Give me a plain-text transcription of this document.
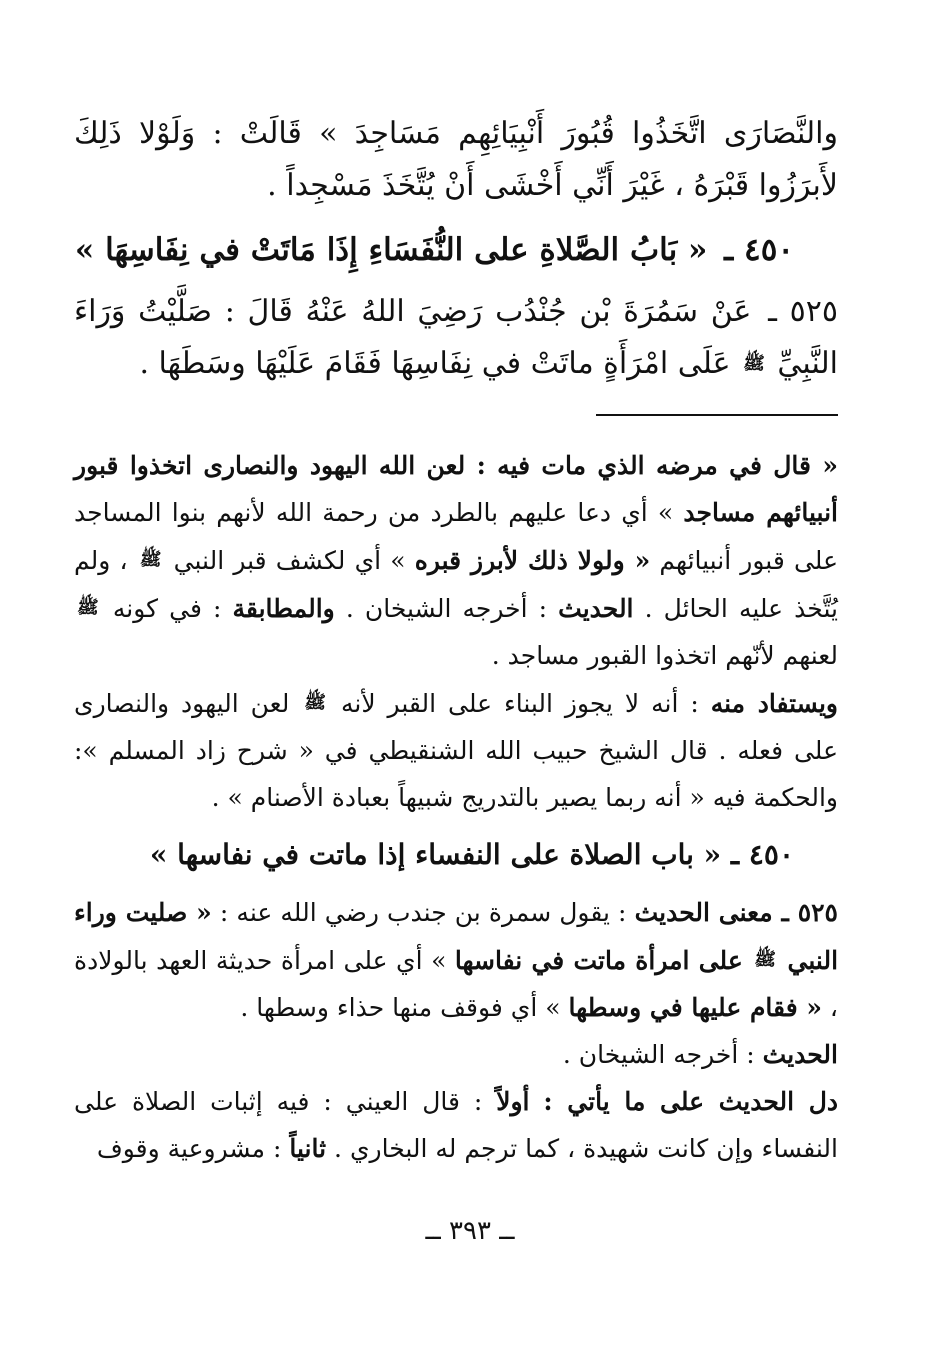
والنَّصَارَى اتَّخَذُوا قُبُورَ أَنْبِيَائِهِم مَسَاجِدَ » قَالَتْ : وَلَوْلا ذَلِكَ لأَبرَزُوا قَبْرَهُ ، غَيْرَ أَنِّي أَخْشَى أَنْ يُتَّخَذَ مَسْجِداً .

٤٥٠ ـ « بَابُ الصَّلاةِ على النُّفَسَاءِ إِذَا مَاتَتْ في نِفَاسِهَا »

٥٢٥ ـ عَنْ سَمُرَةَ بْن جُنْدُب رَضِيَ اللهُ عَنْهُ قَالَ : صَلَّيْتُ وَرَاءَ النَّبِيِّ ﷺ عَلَى امْرَأَةٍ ماتَتْ في نِفَاسِهَا فَقَامَ عَلَيْهَا وسَطَهَا .

« قال في مرضه الذي مات فيه : لعن الله اليهود والنصارى اتخذوا قبور أنبيائهم مساجد » أي دعا عليهم بالطرد من رحمة الله لأنهم بنوا المساجد على قبور أنبيائهم « ولولا ذلك لأبرز قبره » أي لكشف قبر النبي ﷺ ، ولم يُتَّخذ عليه الحائل . الحديث : أخرجه الشيخان . والمطابقة : في كونه ﷺ لعنهم لأنّهم اتخذوا القبور مساجد .

ويستفاد منه : أنه لا يجوز البناء على القبر لأنه ﷺ لعن اليهود والنصارى على فعله . قال الشيخ حبيب الله الشنقيطي في « شرح زاد المسلم »: والحكمة فيه « أنه ربما يصير بالتدريج شبيهاً بعبادة الأصنام » .

٤٥٠ ـ « باب الصلاة على النفساء إذا ماتت في نفاسها »

٥٢٥ ـ معنى الحديث : يقول سمرة بن جندب رضي الله عنه : « صليت وراء النبي ﷺ على امرأة ماتت في نفاسها » أي على امرأة حديثة العهد بالولادة ، « فقام عليها في وسطها » أي فوقف منها حذاء وسطها .
الحديث : أخرجه الشيخان .

دل الحديث على ما يأتي : أولاً : قال العيني : فيه إثبات الصلاة على النفساء وإن كانت شهيدة ، كما ترجم له البخاري . ثانياً : مشروعية وقوف

ــ ٣٩٣ ــ
